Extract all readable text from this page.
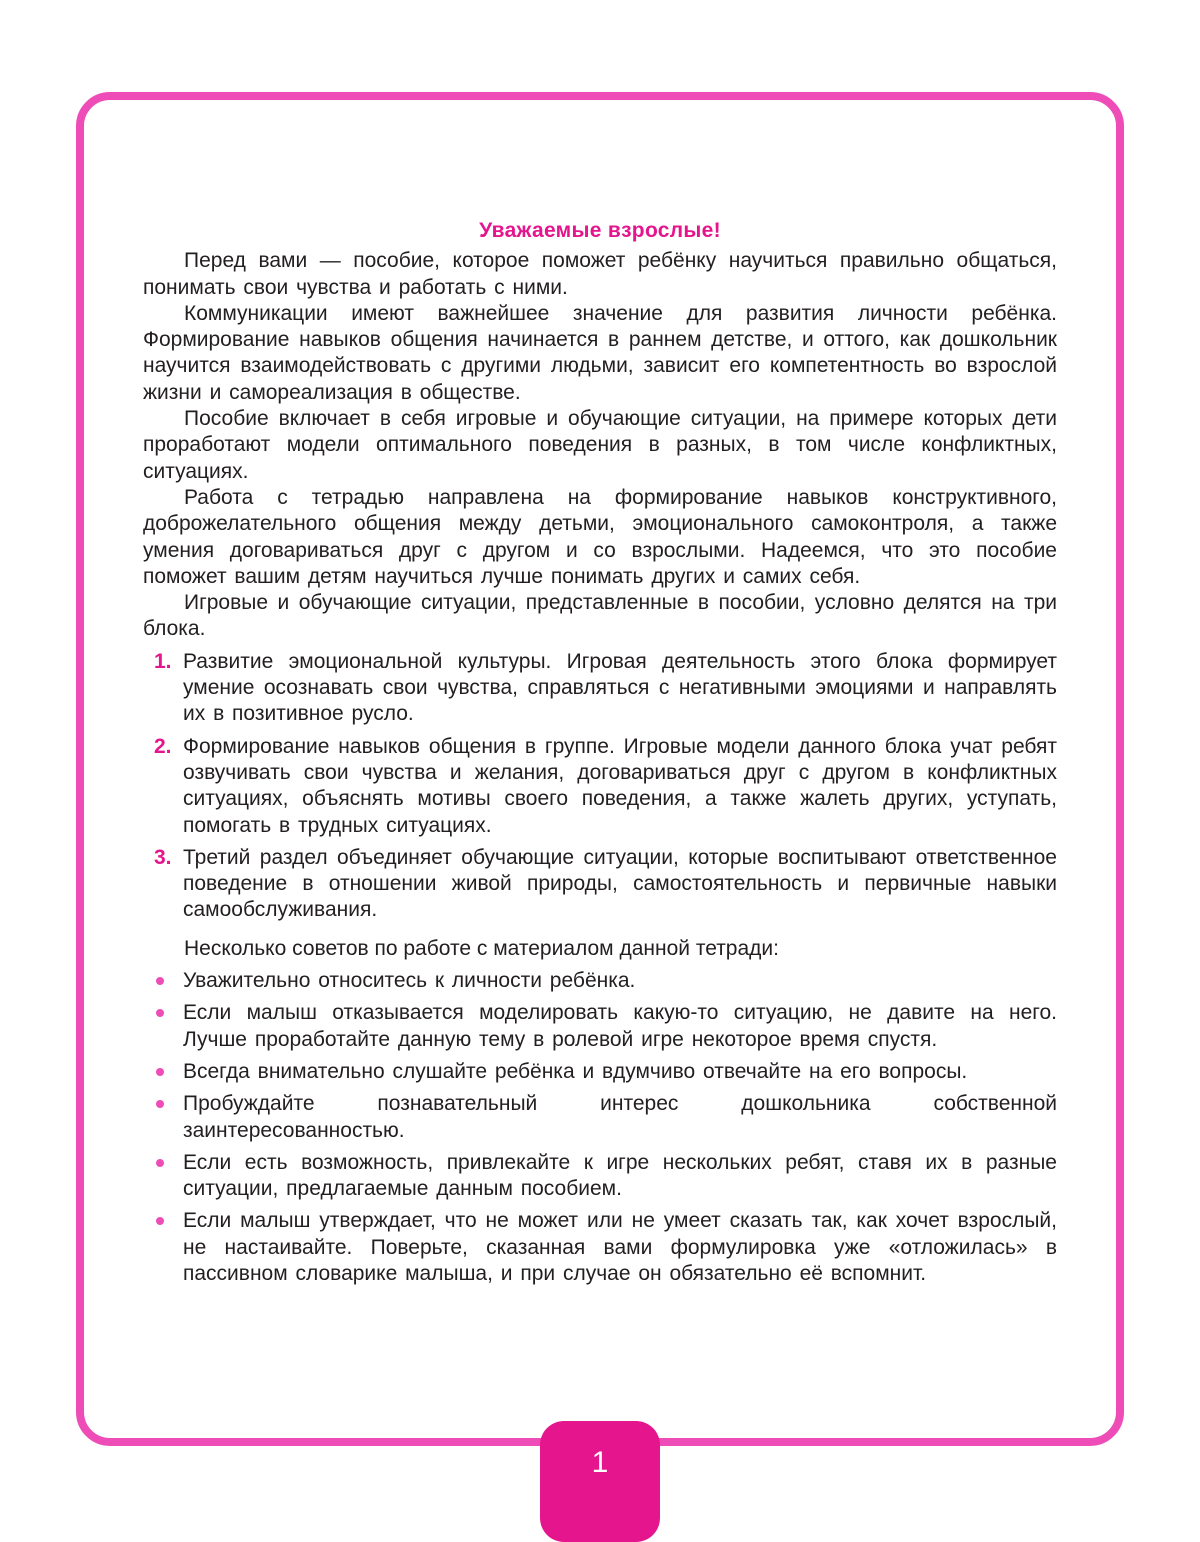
Уважаемые взрослые!

Перед вами — пособие, которое поможет ребёнку научиться правильно общаться, понимать свои чувства и работать с ними.

Коммуникации имеют важнейшее значение для развития личности ребёнка. Формирование навыков общения начинается в раннем детстве, и оттого, как дошкольник научится взаимодействовать с другими людьми, зависит его компетентность во взрослой жизни и самореализация в обществе.

Пособие включает в себя игровые и обучающие ситуации, на примере которых дети проработают модели оптимального поведения в разных, в том числе конфликтных, ситуациях.

Работа с тетрадью направлена на формирование навыков конструктивного, доброжелательного общения между детьми, эмоционального самоконтроля, а также умения договариваться друг с другом и со взрослыми. Надеемся, что это пособие поможет вашим детям научиться лучше понимать других и самих себя.

Игровые и обучающие ситуации, представленные в пособии, условно делятся на три блока.

1. Развитие эмоциональной культуры. Игровая деятельность этого блока формирует умение осознавать свои чувства, справляться с негативными эмоциями и направлять их в позитивное русло.
2. Формирование навыков общения в группе. Игровые модели данного блока учат ребят озвучивать свои чувства и желания, договариваться друг с другом в конфликтных ситуациях, объяснять мотивы своего поведения, а также жалеть других, уступать, помогать в трудных ситуациях.
3. Третий раздел объединяет обучающие ситуации, которые воспитывают ответственное поведение в отношении живой природы, самостоятельность и первичные навыки самообслуживания.

Несколько советов по работе с материалом данной тетради:

Уважительно относитесь к личности ребёнка.
Если малыш отказывается моделировать какую-то ситуацию, не давите на него. Лучше проработайте данную тему в ролевой игре некоторое время спустя.
Всегда внимательно слушайте ребёнка и вдумчиво отвечайте на его вопросы.
Пробуждайте познавательный интерес дошкольника собственной заинтересованностью.
Если есть возможность, привлекайте к игре нескольких ребят, ставя их в разные ситуации, предлагаемые данным пособием.
Если малыш утверждает, что не может или не умеет сказать так, как хочет взрослый, не настаивайте. Поверьте, сказанная вами формулировка уже «отложилась» в пассивном словарике малыша, и при случае он обязательно её вспомнит.
1
